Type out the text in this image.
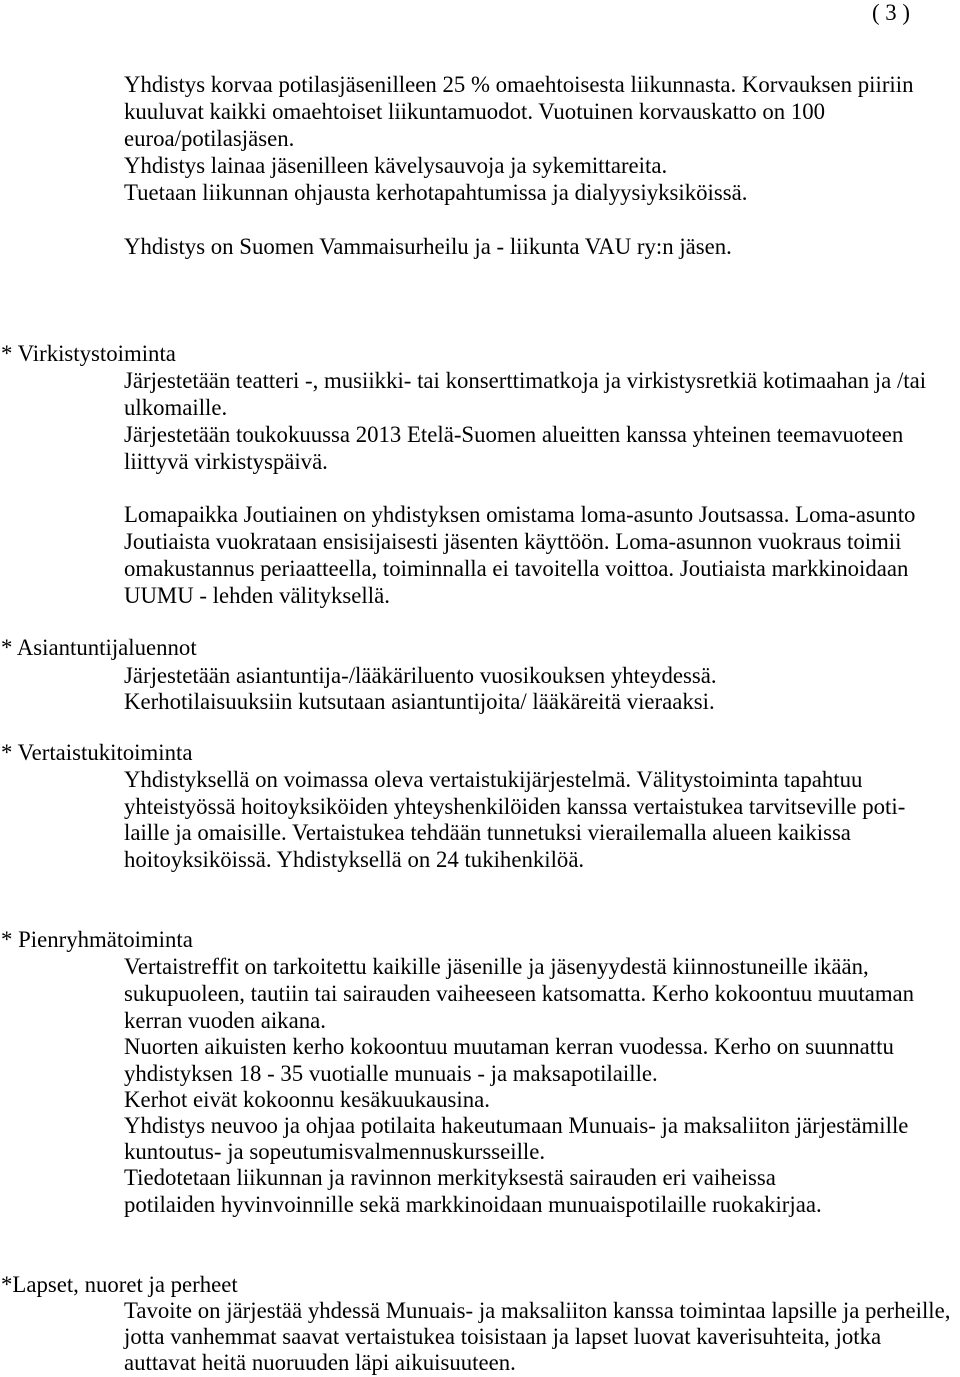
( 3 )
Yhdistys korvaa potilasjäsenilleen 25 % omaehtoisesta liikunnasta. Korvauksen piiriin
kuuluvat kaikki omaehtoiset liikuntamuodot. Vuotuinen korvauskatto on 100
euroa/potilasjäsen.
Yhdistys lainaa jäsenilleen kävelysauvoja ja sykemittareita.
Tuetaan liikunnan ohjausta kerhotapahtumissa ja dialyysiyksiköissä.
Yhdistys on Suomen Vammaisurheilu ja - liikunta VAU ry:n jäsen.
* Virkistystoiminta
Järjestetään teatteri -, musiikki- tai konserttimatkoja ja virkistysretkiä kotimaahan ja /tai
ulkomaille.
Järjestetään toukokuussa 2013 Etelä-Suomen alueitten kanssa yhteinen teemavuoteen
liittyvä virkistyspäivä.
Lomapaikka Joutiainen on yhdistyksen omistama loma-asunto Joutsassa. Loma-asunto
Joutiaista vuokrataan ensisijaisesti jäsenten käyttöön. Loma-asunnon vuokraus toimii
omakustannus periaatteella, toiminnalla ei tavoitella voittoa. Joutiaista markkinoidaan
UUMU - lehden välityksellä.
* Asiantuntijaluennot
Järjestetään asiantuntija-/lääkäriluento vuosikouksen yhteydessä.
Kerhotilaisuuksiin kutsutaan asiantuntijoita/ lääkäreitä vieraaksi.
* Vertaistukitoiminta
Yhdistyksellä on voimassa oleva vertaistukijärjestelmä. Välitystoiminta tapahtuu
yhteistyössä hoitoyksiköiden yhteyshenkilöiden kanssa vertaistukea tarvitseville poti-
laille ja omaisille. Vertaistukea tehdään tunnetuksi vierailemalla alueen kaikissa
hoitoyksiköissä. Yhdistyksellä on 24 tukihenkilöä.
* Pienryhmätoiminta
Vertaistreffit on tarkoitettu kaikille jäsenille ja jäsenyydestä kiinnostuneille ikään,
sukupuoleen, tautiin tai sairauden vaiheeseen katsomatta. Kerho kokoontuu muutaman
kerran vuoden aikana.
Nuorten aikuisten kerho kokoontuu muutaman kerran vuodessa. Kerho on suunnattu
yhdistyksen 18 - 35 vuotialle munuais - ja maksapotilaille.
Kerhot eivät kokoonnu kesäkuukausina.
Yhdistys neuvoo ja ohjaa potilaita hakeutumaan Munuais- ja maksaliiton järjestämille
kuntoutus- ja sopeutumisvalmennuskursseille.
Tiedotetaan liikunnan ja ravinnon merkityksestä sairauden eri vaiheissa
potilaiden hyvinvoinnille sekä markkinoidaan munuaispotilaille ruokakirjaa.
*Lapset, nuoret ja perheet
Tavoite on järjestää yhdessä Munuais- ja maksaliiton kanssa toimintaa lapsille ja perheille,
jotta vanhemmat saavat vertaistukea toisistaan ja lapset luovat kaverisuhteita, jotka
auttavat heitä nuoruuden läpi aikuisuuteen.
